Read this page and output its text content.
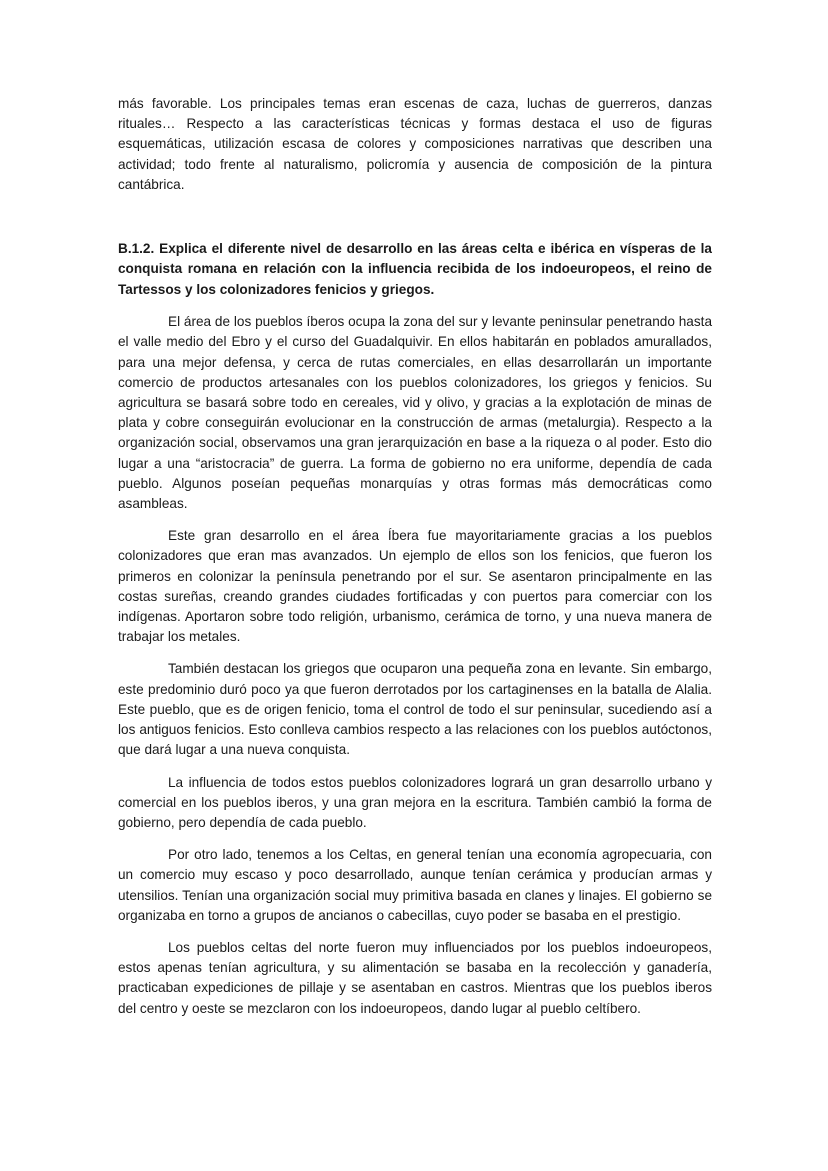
más favorable. Los principales temas eran escenas de caza, luchas de guerreros, danzas rituales… Respecto a las características técnicas y formas destaca el uso de figuras esquemáticas, utilización escasa de colores y composiciones narrativas que describen una actividad; todo frente al naturalismo, policromía y ausencia de composición de la pintura cantábrica.

B.1.2. Explica el diferente nivel de desarrollo en las áreas celta e ibérica en vísperas de la conquista romana en relación con la influencia recibida de los indoeuropeos, el reino de Tartessos y los colonizadores fenicios y griegos.

El área de los pueblos íberos ocupa la zona del sur y levante peninsular penetrando hasta el valle medio del Ebro y el curso del Guadalquivir. En ellos habitarán en poblados amurallados, para una mejor defensa, y cerca de rutas comerciales, en ellas desarrollarán un importante comercio de productos artesanales con los pueblos colonizadores, los griegos y fenicios. Su agricultura se basará sobre todo en cereales, vid y olivo, y gracias a la explotación de minas de plata y cobre conseguirán evolucionar en la construcción de armas (metalurgia). Respecto a la organización social, observamos una gran jerarquización en base a la riqueza o al poder. Esto dio lugar a una “aristocracia” de guerra. La forma de gobierno no era uniforme, dependía de cada pueblo. Algunos poseían pequeñas monarquías y otras formas más democráticas como asambleas.

Este gran desarrollo en el área Íbera fue mayoritariamente gracias a los pueblos colonizadores que eran mas avanzados. Un ejemplo de ellos son los fenicios, que fueron los primeros en colonizar la península penetrando por el sur. Se asentaron principalmente en las costas sureñas, creando grandes ciudades fortificadas y con puertos para comerciar con los indígenas. Aportaron sobre todo religión, urbanismo, cerámica de torno, y una nueva manera de trabajar los metales.

También destacan los griegos que ocuparon una pequeña zona en levante. Sin embargo, este predominio duró poco ya que fueron derrotados por los cartaginenses en la batalla de Alalia. Este pueblo, que es de origen fenicio, toma el control de todo el sur peninsular, sucediendo así a los antiguos fenicios. Esto conlleva cambios respecto a las relaciones con los pueblos autóctonos, que dará lugar a una nueva conquista.

La influencia de todos estos pueblos colonizadores logrará un gran desarrollo urbano y comercial en los pueblos iberos, y una gran mejora en la escritura. También cambió la forma de gobierno, pero dependía de cada pueblo.

Por otro lado, tenemos a los Celtas, en general tenían una economía agropecuaria, con un comercio muy escaso y poco desarrollado, aunque tenían cerámica y producían armas y utensilios. Tenían una organización social muy primitiva basada en clanes y linajes. El gobierno se organizaba en torno a grupos de ancianos o cabecillas, cuyo poder se basaba en el prestigio.

Los pueblos celtas del norte fueron muy influenciados por los pueblos indoeuropeos, estos apenas tenían agricultura, y su alimentación se basaba en la recolección y ganadería, practicaban expediciones de pillaje y se asentaban en castros. Mientras que los pueblos iberos del centro y oeste se mezclaron con los indoeuropeos, dando lugar al pueblo celtíbero.
